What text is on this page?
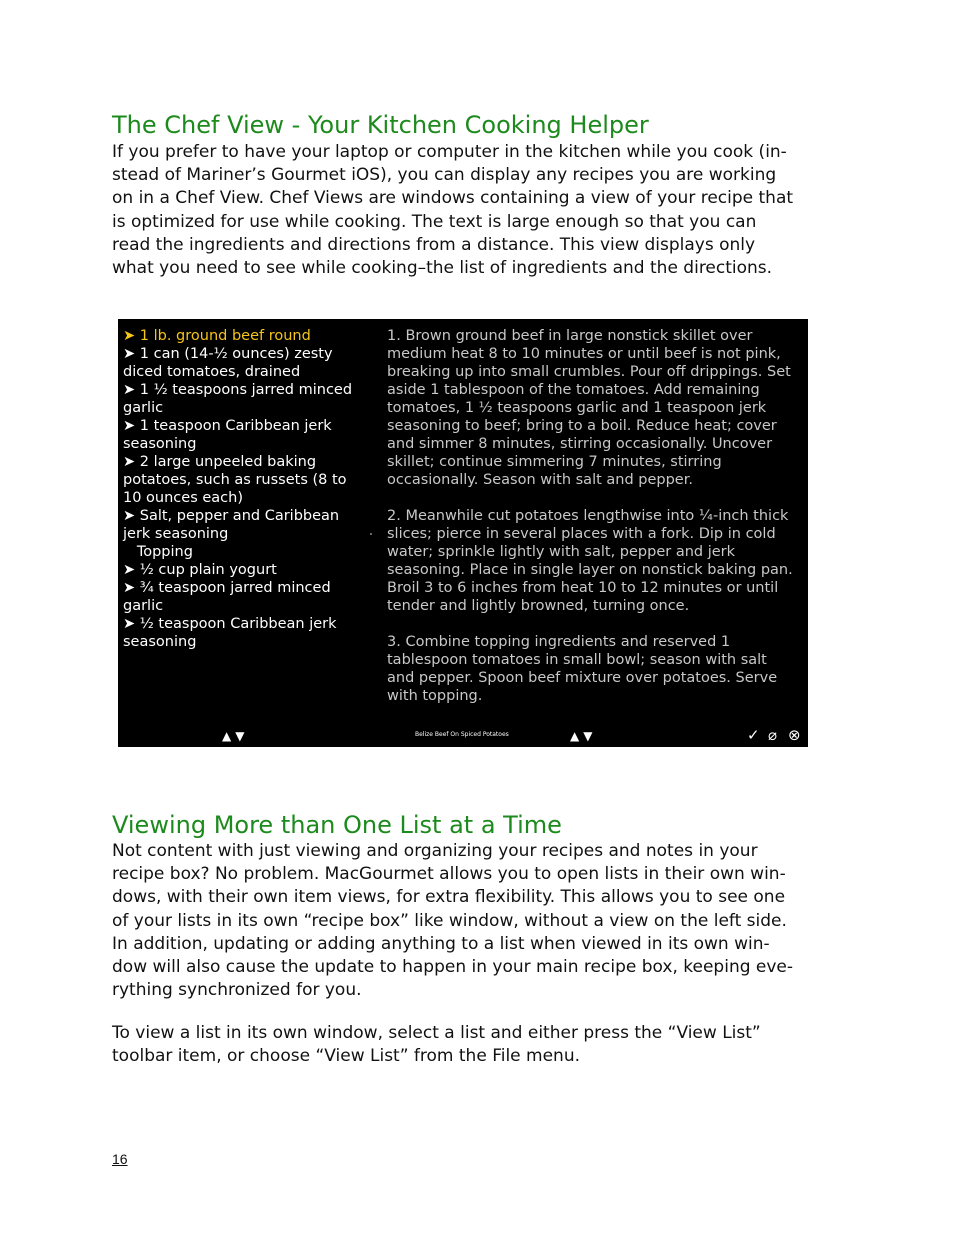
The Chef View - Your Kitchen Cooking Helper
If you prefer to have your laptop or computer in the kitchen while you cook (in-
stead of Mariner’s Gourmet iOS), you can display any recipes you are working
on in a Chef View. Chef Views are windows containing a view of your recipe that
is optimized for use while cooking. The text is large enough so that you can
read the ingredients and directions from a distance. This view displays only
what you need to see while cooking–the list of ingredients and the directions.
➤ 1 lb. ground beef round
➤ 1 can (14-½ ounces) zesty
diced tomatoes, drained
➤ 1 ½ teaspoons jarred minced
garlic
➤ 1 teaspoon Caribbean jerk
seasoning
➤ 2 large unpeeled baking
potatoes, such as russets (8 to
10 ounces each)
➤ Salt, pepper and Caribbean
jerk seasoning
Topping
➤ ½ cup plain yogurt
➤ ¾ teaspoon jarred minced
garlic
➤ ½ teaspoon Caribbean jerk
seasoning
1. Brown ground beef in large nonstick skillet over
medium heat 8 to 10 minutes or until beef is not pink,
breaking up into small crumbles. Pour off drippings. Set
aside 1 tablespoon of the tomatoes. Add remaining
tomatoes, 1 ½ teaspoons garlic and 1 teaspoon jerk
seasoning to beef; bring to a boil. Reduce heat; cover
and simmer 8 minutes, stirring occasionally. Uncover
skillet; continue simmering 7 minutes, stirring
occasionally. Season with salt and pepper.
2. Meanwhile cut potatoes lengthwise into ¼-inch thick
slices; pierce in several places with a fork. Dip in cold
water; sprinkle lightly with salt, pepper and jerk
seasoning. Place in single layer on nonstick baking pan.
Broil 3 to 6 inches from heat 10 to 12 minutes or until
tender and lightly browned, turning once.
3. Combine topping ingredients and reserved 1
tablespoon tomatoes in small bowl; season with salt
and pepper. Spoon beef mixture over potatoes. Serve
with topping.
▲▼	Belize Beef On Spiced Potatoes	▲▼	✓ ⌀ ⊗
Viewing More than One List at a Time
Not content with just viewing and organizing your recipes and notes in your
recipe box? No problem. MacGourmet allows you to open lists in their own win-
dows, with their own item views, for extra flexibility. This allows you to see one
of your lists in its own “recipe box” like window, without a view on the left side.
In addition, updating or adding anything to a list when viewed in its own win-
dow will also cause the update to happen in your main recipe box, keeping eve-
rything synchronized for you.
To view a list in its own window, select a list and either press the “View List”
toolbar item, or choose “View List” from the File menu.
16
